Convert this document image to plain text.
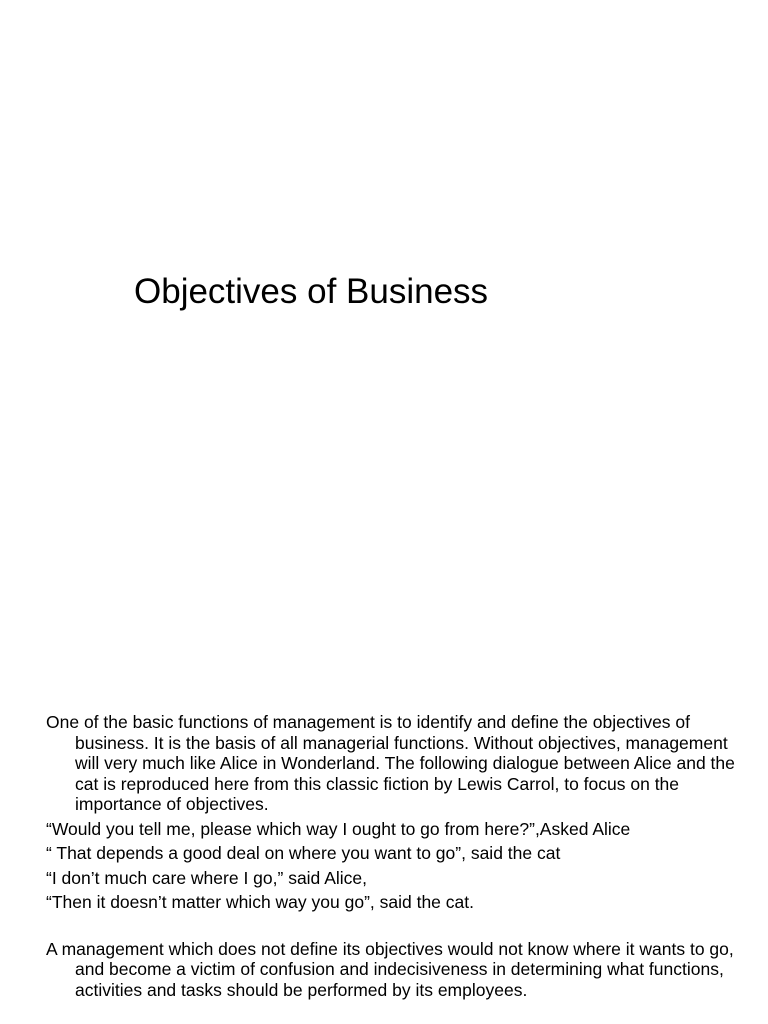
Objectives of Business

One of the basic functions of management is to identify and define the objectives of business. It is the basis of all managerial functions. Without objectives, management will very much like Alice in Wonderland. The following dialogue between Alice and the cat is reproduced here from this classic fiction by Lewis Carrol, to focus on the importance of objectives.

“Would you tell me, please which way I ought to go from here?”,Asked Alice

“ That depends a good deal on where you want to go”, said the cat

“I don’t much care where I go,” said Alice,

“Then it doesn’t matter which way you go”, said the cat.

A management which does not define its objectives would not know where it wants to go, and become a victim of confusion and indecisiveness in determining what functions, activities and tasks should be performed by its employees.
